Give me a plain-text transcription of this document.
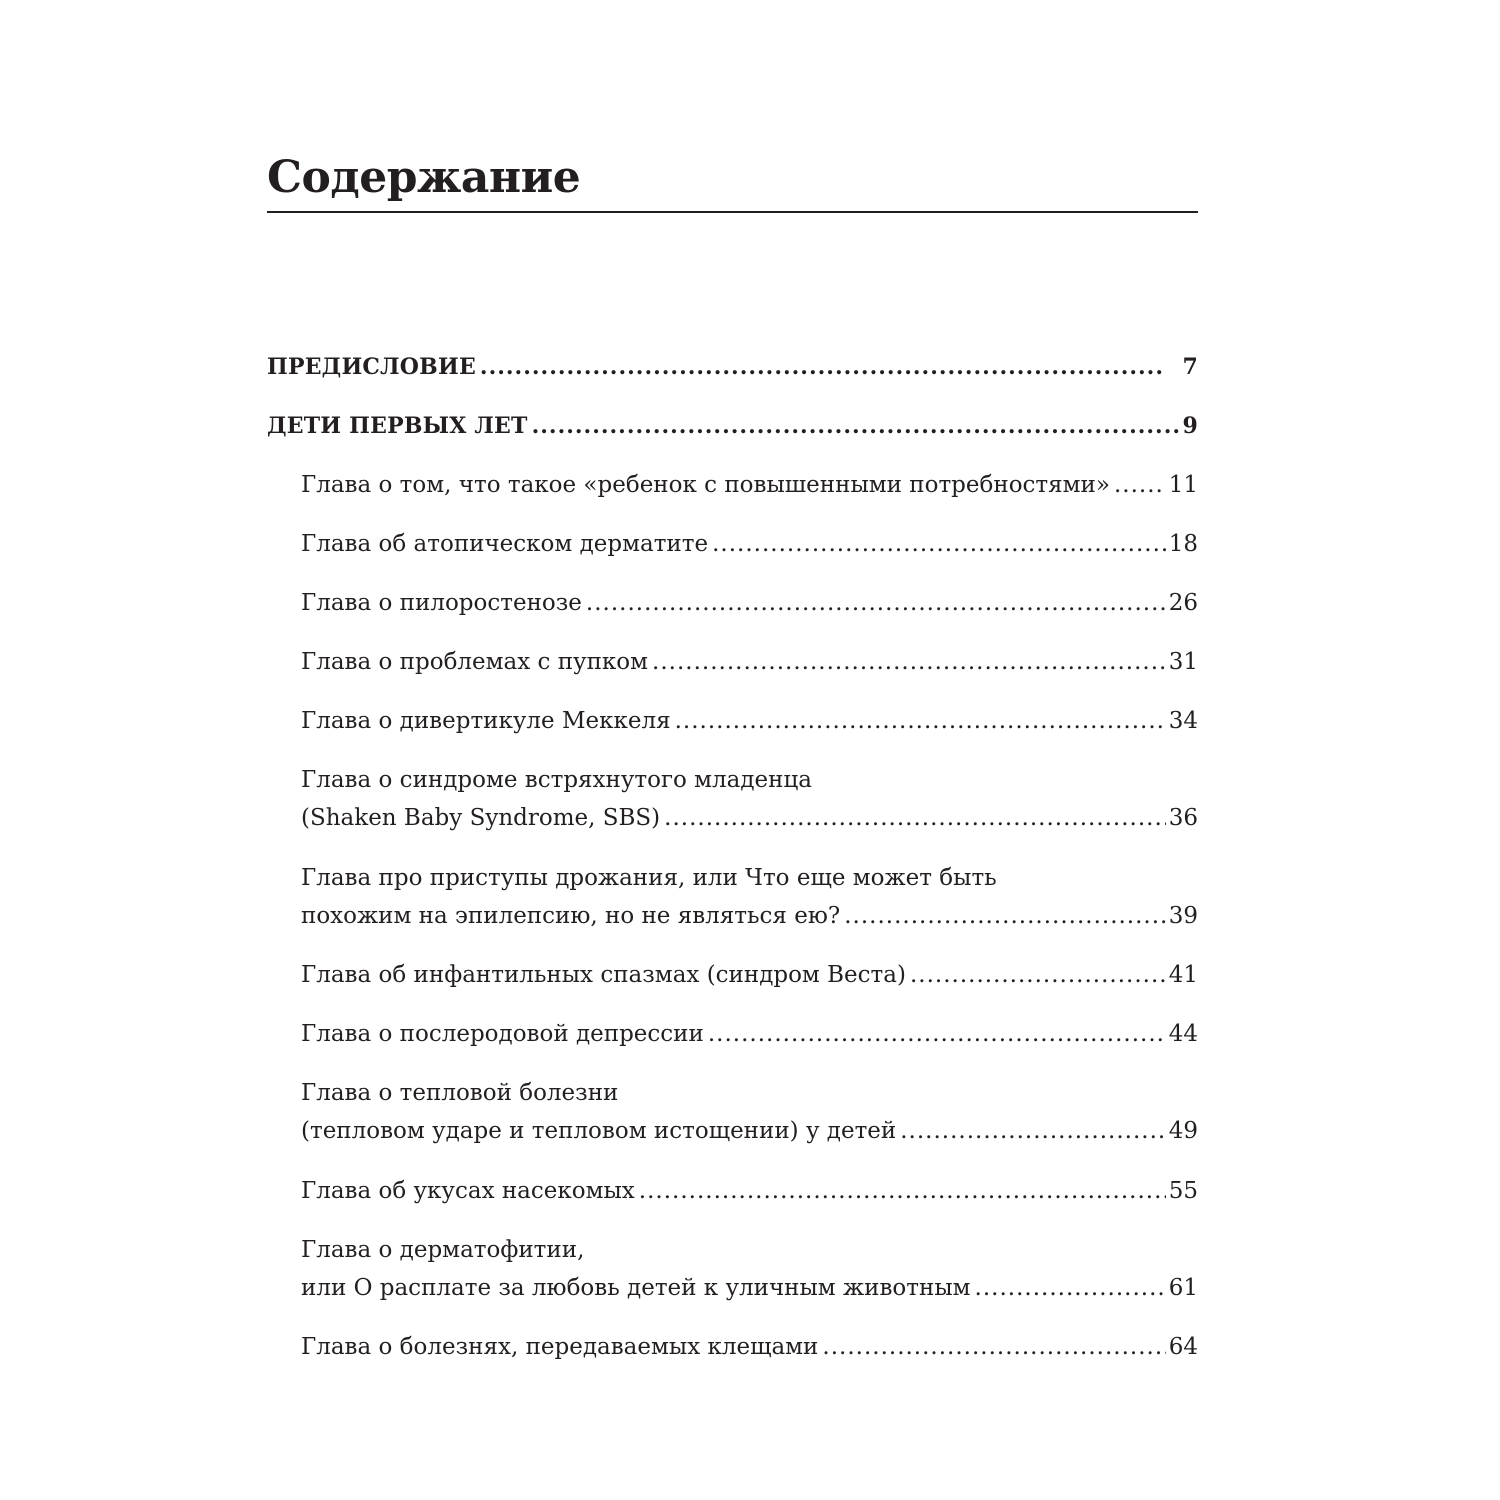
Содержание
ПРЕДИСЛОВИЕ .....	7
ДЕТИ ПЕРВЫХ ЛЕТ .....	9
Глава о том, что такое «ребенок с повышенными потребностями» .....	11
Глава об атопическом дерматите .....	18
Глава о пилоростенозе .....	26
Глава о проблемах с пупком .....	31
Глава о дивертикуле Меккеля .....	34
Глава о синдроме встряхнутого младенца
(Shaken Baby Syndrome, SBS) .....	36
Глава про приступы дрожания, или Что еще может быть
похожим на эпилепсию, но не являться ею? .....	39
Глава об инфантильных спазмах (синдром Веста) .....	41
Глава о послеродовой депрессии .....	44
Глава о тепловой болезни
(тепловом ударе и тепловом истощении) у детей .....	49
Глава об укусах насекомых .....	55
Глава о дерматофитии,
или О расплате за любовь детей к уличным животным .....	61
Глава о болезнях, передаваемых клещами .....	64
